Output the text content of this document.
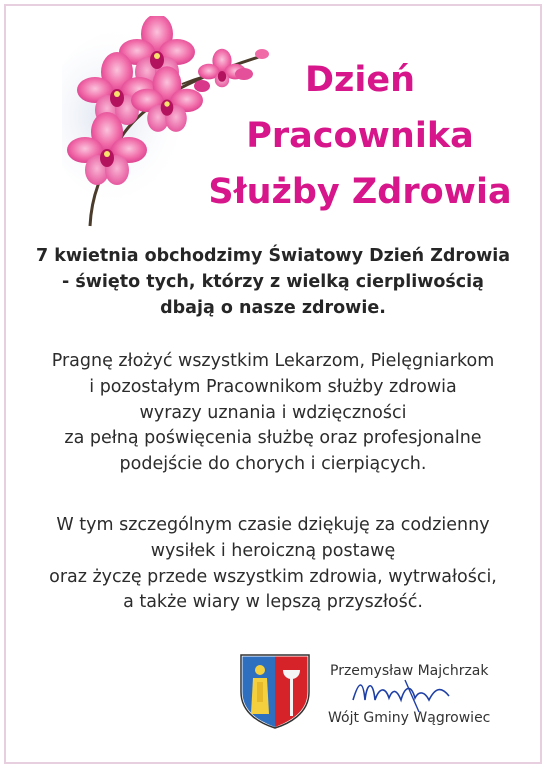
Dzień
Pracownika
Służby Zdrowia
7 kwietnia obchodzimy Światowy Dzień Zdrowia
- święto tych, którzy z wielką cierpliwością
dbają o nasze zdrowie.
Pragnę złożyć wszystkim Lekarzom, Pielęgniarkom
i pozostałym Pracownikom służby zdrowia
wyrazy uznania i wdzięczności
za pełną poświęcenia służbę oraz profesjonalne
podejście do chorych i cierpiących.
W tym szczególnym czasie dziękuję za codzienny
wysiłek i heroiczną postawę
oraz życzę przede wszystkim zdrowia, wytrwałości,
a także wiary w lepszą przyszłość.
Przemysław Majchrzak
Wójt Gminy Wągrowiec
